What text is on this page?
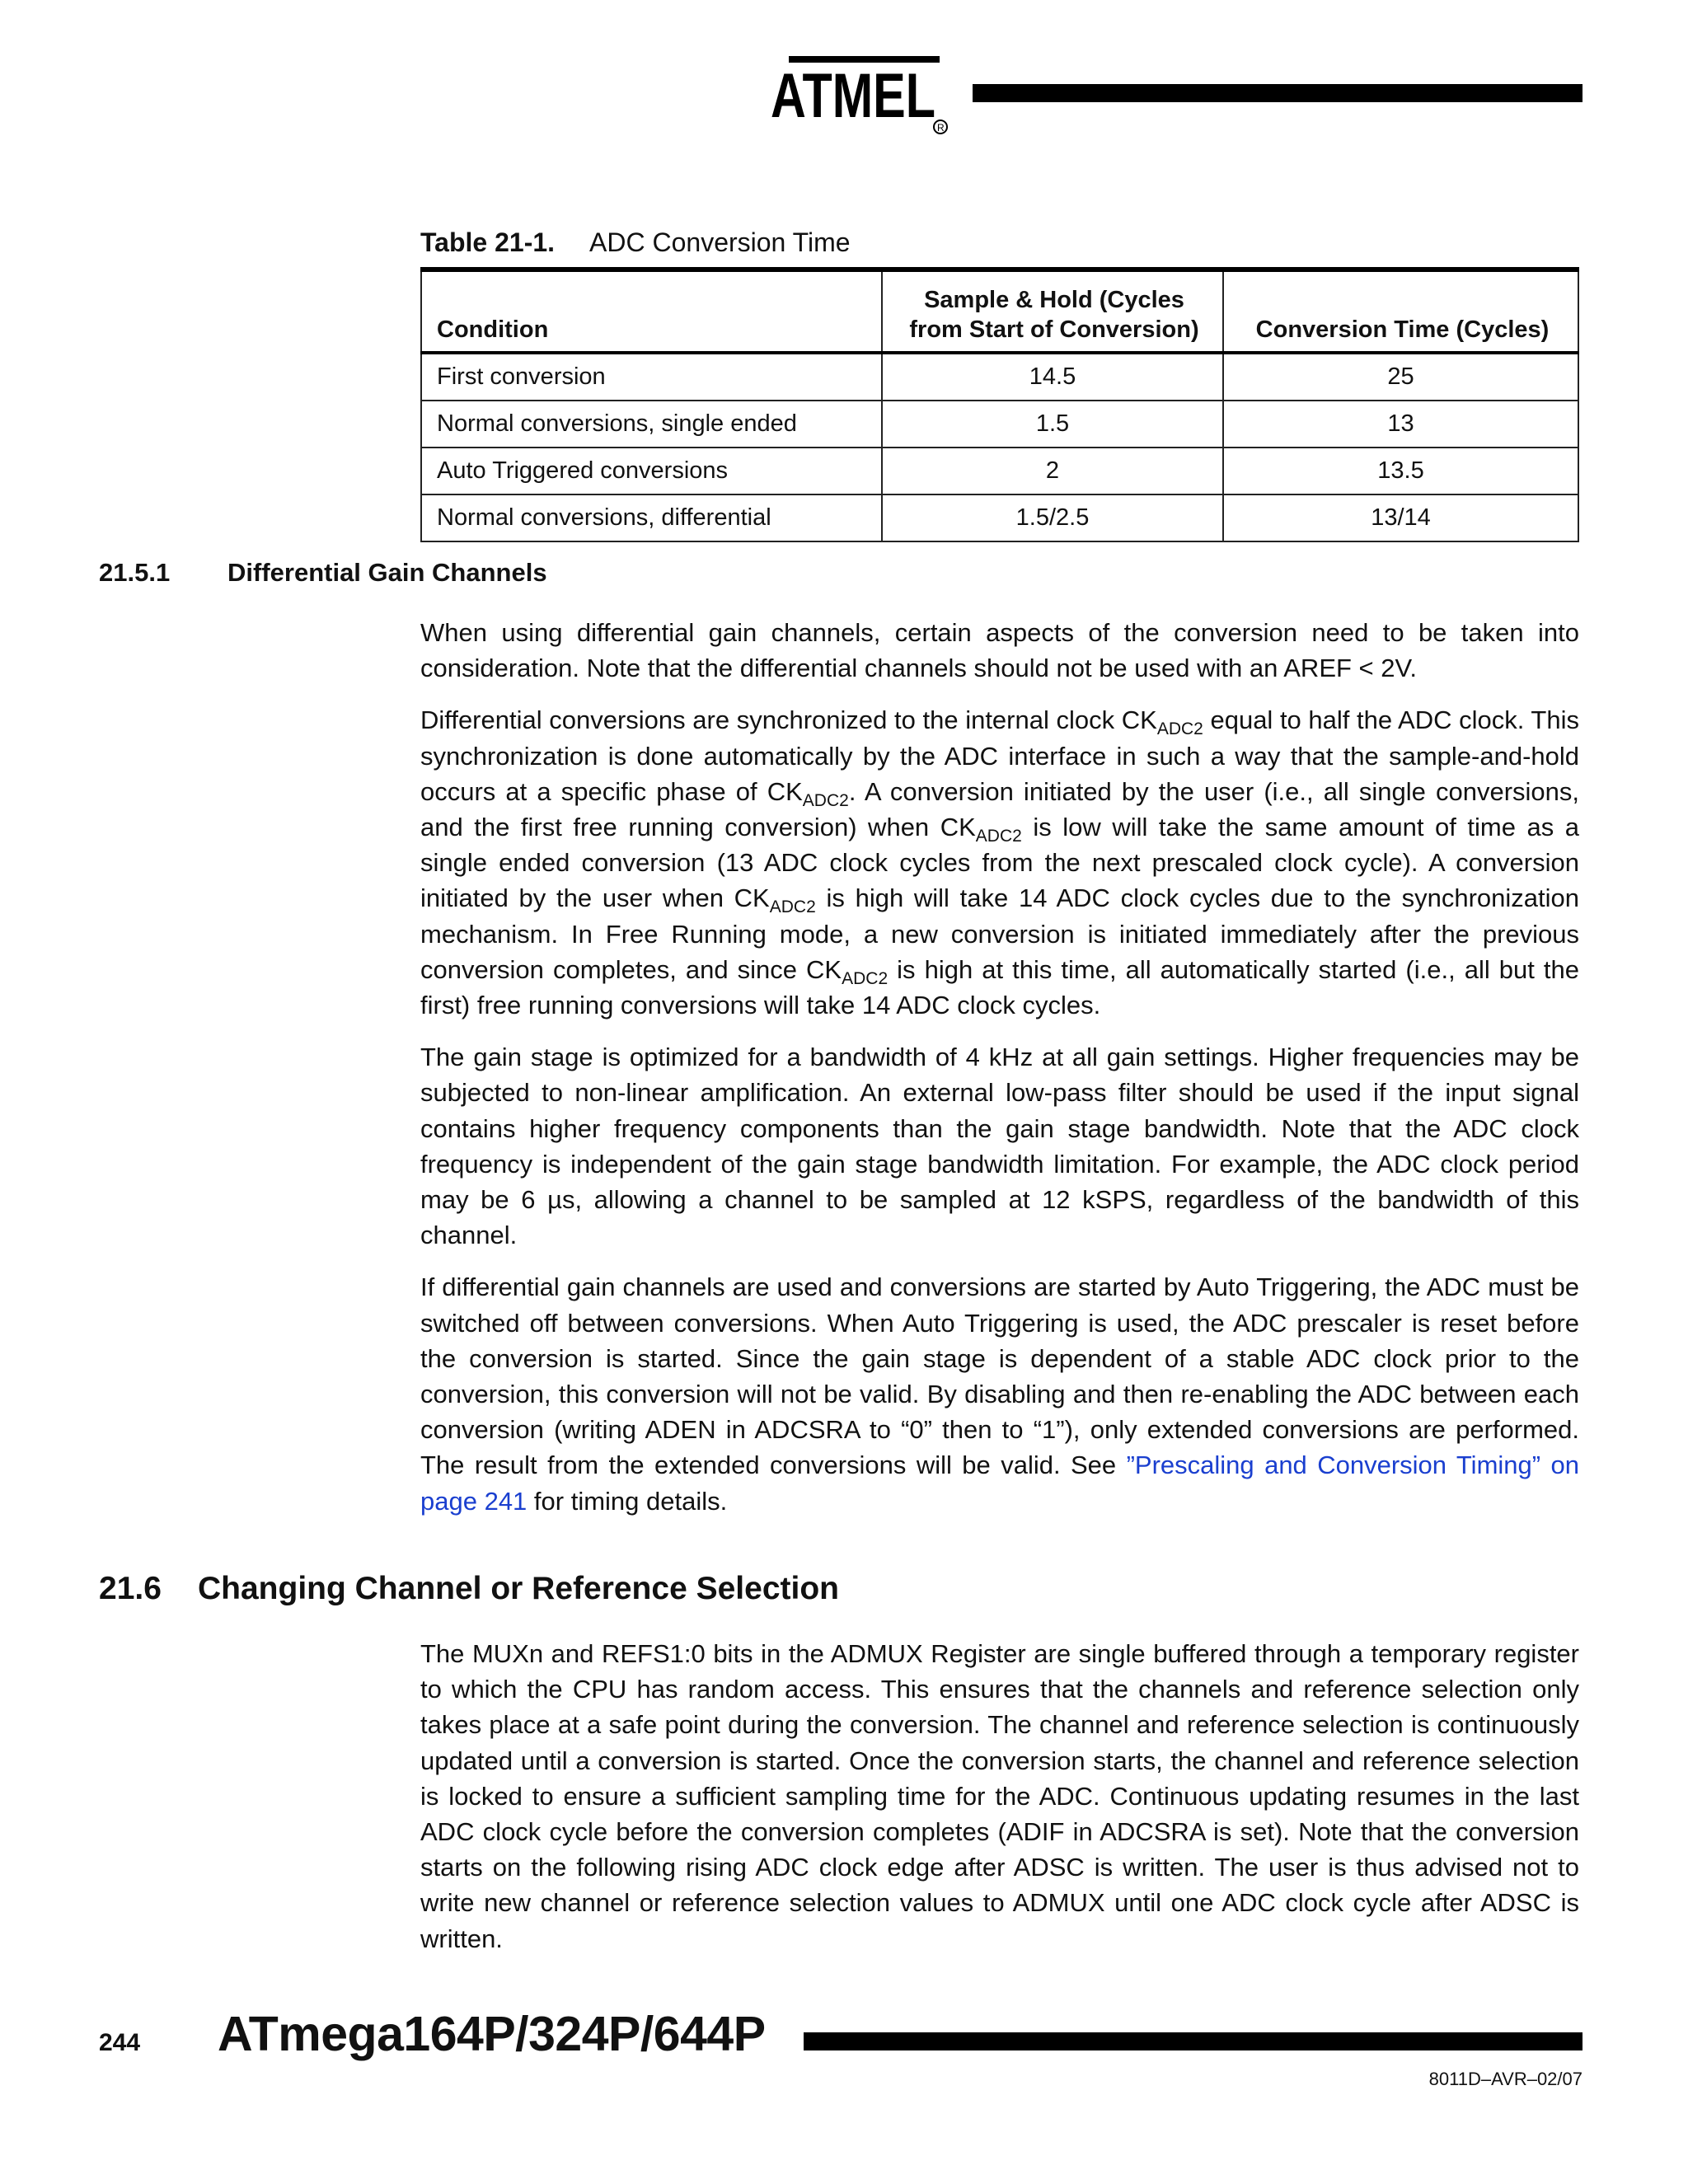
ATMEL R
Table 21-1. ADC Conversion Time
Condition	Sample & Hold (Cycles from Start of Conversion)	Conversion Time (Cycles)
First conversion	14.5	25
Normal conversions, single ended	1.5	13
Auto Triggered conversions	2	13.5
Normal conversions, differential	1.5/2.5	13/14
21.5.1 Differential Gain Channels

When using differential gain channels, certain aspects of the conversion need to be taken into consideration. Note that the differential channels should not be used with an AREF < 2V.

Differential conversions are synchronized to the internal clock $CK_{ADC2}$ equal to half the ADC clock. This synchronization is done automatically by the ADC interface in such a way that the sample-and-hold occurs at a specific phase of $CK_{ADC2}$. A conversion initiated by the user (i.e., all single conversions, and the first free running conversion) when $CK_{ADC2}$ is low will take the same amount of time as a single ended conversion (13 ADC clock cycles from the next prescaled clock cycle). A conversion initiated by the user when $CK_{ADC2}$ is high will take 14 ADC clock cycles due to the synchronization mechanism. In Free Running mode, a new conversion is initiated immediately after the previous conversion completes, and since $CK_{ADC2}$ is high at this time, all automatically started (i.e., all but the first) free running conversions will take 14 ADC clock cycles.

The gain stage is optimized for a bandwidth of 4 kHz at all gain settings. Higher frequencies may be subjected to non-linear amplification. An external low-pass filter should be used if the input signal contains higher frequency components than the gain stage bandwidth. Note that the ADC clock frequency is independent of the gain stage bandwidth limitation. For example, the ADC clock period may be 6 µs, allowing a channel to be sampled at 12 kSPS, regardless of the bandwidth of this channel.

If differential gain channels are used and conversions are started by Auto Triggering, the ADC must be switched off between conversions. When Auto Triggering is used, the ADC prescaler is reset before the conversion is started. Since the gain stage is dependent of a stable ADC clock prior to the conversion, this conversion will not be valid. By disabling and then re-enabling the ADC between each conversion (writing ADEN in ADCSRA to “0” then to “1”), only extended conversions are performed. The result from the extended conversions will be valid. See ”Prescaling and Conversion Timing” on page 241 for timing details.

21.6 Changing Channel or Reference Selection

The MUXn and REFS1:0 bits in the ADMUX Register are single buffered through a temporary register to which the CPU has random access. This ensures that the channels and reference selection only takes place at a safe point during the conversion. The channel and reference selection is continuously updated until a conversion is started. Once the conversion starts, the channel and reference selection is locked to ensure a sufficient sampling time for the ADC. Continuous updating resumes in the last ADC clock cycle before the conversion completes (ADIF in ADCSRA is set). Note that the conversion starts on the following rising ADC clock edge after ADSC is written. The user is thus advised not to write new channel or reference selection values to ADMUX until one ADC clock cycle after ADSC is written.

244 ATmega164P/324P/644P
8011D–AVR–02/07
